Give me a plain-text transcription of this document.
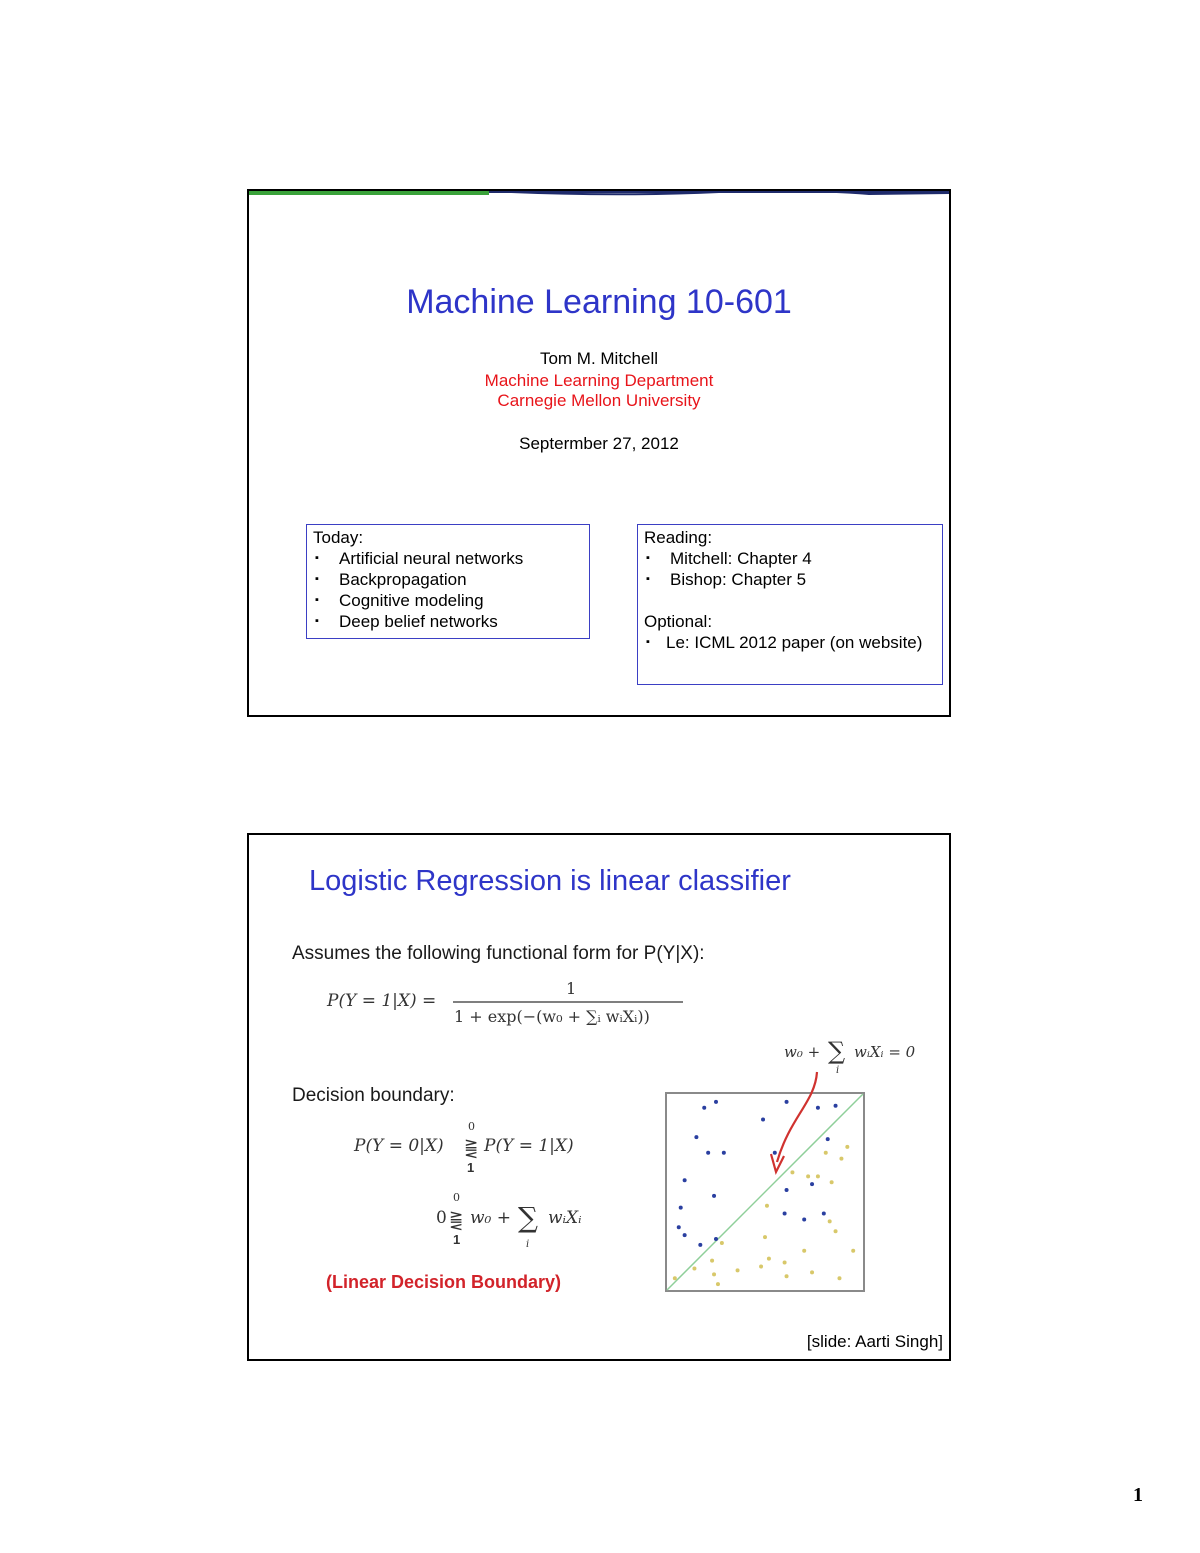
Machine Learning 10-601
Tom M. Mitchell
Machine Learning Department
Carnegie Mellon University
Septermber 27, 2012
Today:
▪ Artificial neural networks
▪ Backpropagation
▪ Cognitive modeling
▪ Deep belief networks
Reading:
▪ Mitchell: Chapter 4
▪ Bishop: Chapter 5
Optional:
▪ Le: ICML 2012 paper (on website)
Logistic Regression is linear classifier
Assumes the following functional form for P(Y|X):
P(Y = 1|X) =
1
1 + exp(−(w₀ + ∑ᵢ wᵢXᵢ))
w₀ + ∑
i
wᵢXᵢ = 0
Decision boundary:
P(Y = 0|X)
0
⪌
1
P(Y = 1|X)
0
0
⪌
1
w₀ + ∑
i
wᵢXᵢ
(Linear Decision Boundary)
[slide: Aarti Singh]
1
